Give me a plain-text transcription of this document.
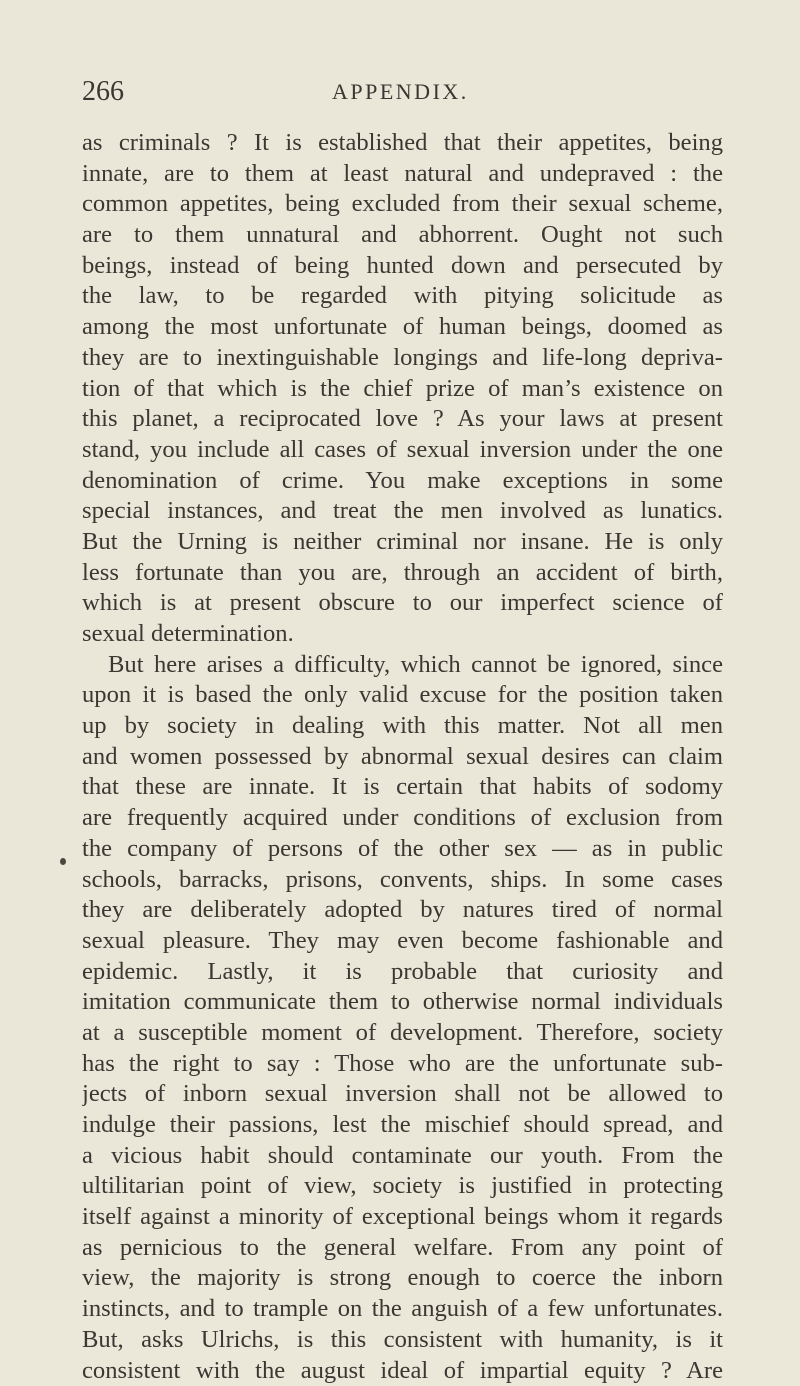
266	APPENDIX.
as criminals ? It is established that their appetites, being
innate, are to them at least natural and undepraved : the
common appetites, being excluded from their sexual scheme,
are to them unnatural and abhorrent. Ought not such
beings, instead of being hunted down and persecuted by
the law, to be regarded with pitying solicitude as
among the most unfortunate of human beings, doomed as
they are to inextinguishable longings and life-long depriva-
tion of that which is the chief prize of man’s existence on
this planet, a reciprocated love ? As your laws at present
stand, you include all cases of sexual inversion under the one
denomination of crime. You make exceptions in some
special instances, and treat the men involved as lunatics.
But the Urning is neither criminal nor insane. He is only
less fortunate than you are, through an accident of birth,
which is at present obscure to our imperfect science of
sexual determination.
But here arises a difficulty, which cannot be ignored, since
upon it is based the only valid excuse for the position taken
up by society in dealing with this matter. Not all men
and women possessed by abnormal sexual desires can claim
that these are innate. It is certain that habits of sodomy
are frequently acquired under conditions of exclusion from
the company of persons of the other sex — as in public
schools, barracks, prisons, convents, ships. In some cases
they are deliberately adopted by natures tired of normal
sexual pleasure. They may even become fashionable and
epidemic. Lastly, it is probable that curiosity and
imitation communicate them to otherwise normal individuals
at a susceptible moment of development. Therefore, society
has the right to say : Those who are the unfortunate sub-
jects of inborn sexual inversion shall not be allowed to
indulge their passions, lest the mischief should spread, and
a vicious habit should contaminate our youth. From the
ultilitarian point of view, society is justified in protecting
itself against a minority of exceptional beings whom it regards
as pernicious to the general welfare. From any point of
view, the majority is strong enough to coerce the inborn
instincts, and to trample on the anguish of a few unfortunates.
But, asks Ulrichs, is this consistent with humanity, is it
consistent with the august ideal of impartial equity ? Are
